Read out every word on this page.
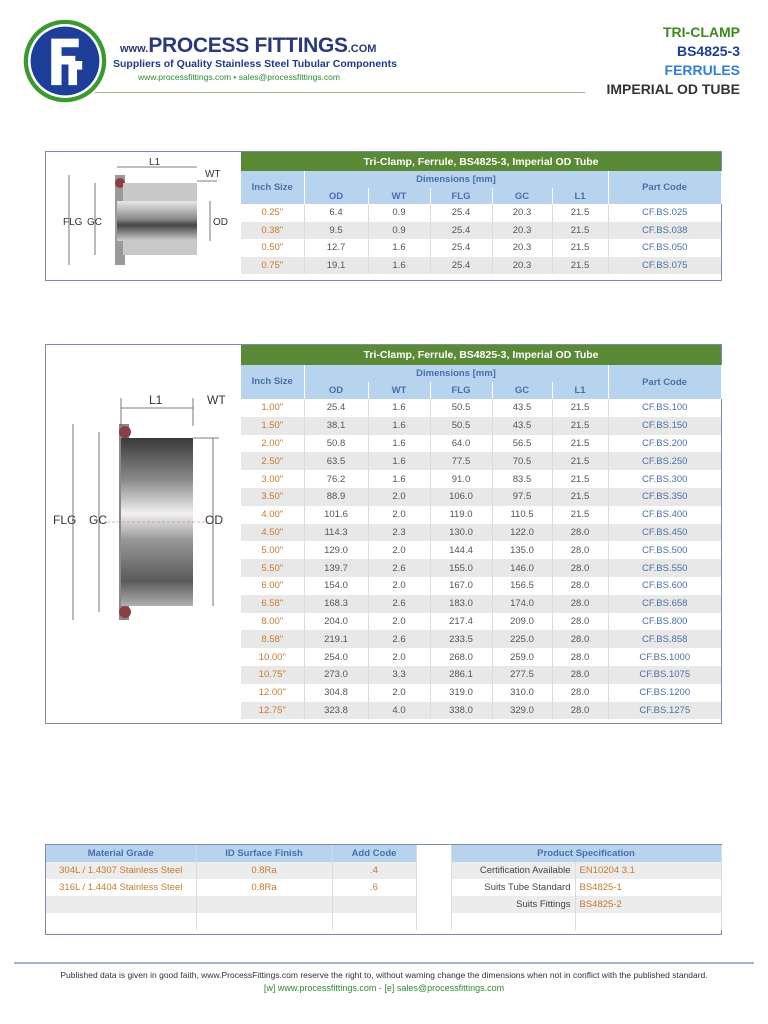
www.PROCESS FITTINGS.COM
Suppliers of Quality Stainless Steel Tubular Components
www.processfittings.com • sales@processfittings.com
TRI-CLAMP
BS4825-3
FERRULES
IMPERIAL OD TUBE
L1
WT
FLG GC	OD
Tri-Clamp, Ferrule, BS4825-3, Imperial OD Tube						
Inch Size	Dimensions [mm]					Part Code
	OD	WT	FLG	GC	L1	
0.25"	6.4	0.9	25.4	20.3	21.5	CF.BS.025
0.38"	9.5	0.9	25.4	20.3	21.5	CF.BS.038
0.50"	12.7	1.6	25.4	20.3	21.5	CF.BS.050
0.75"	19.1	1.6	25.4	20.3	21.5	CF.BS.075
L1	WT
FLG GC	OD
Tri-Clamp, Ferrule, BS4825-3, Imperial OD Tube						
Inch Size	Dimensions [mm]					Part Code
	OD	WT	FLG	GC	L1	
1.00"	25.4	1.6	50.5	43.5	21.5	CF.BS.100
1.50"	38.1	1.6	50.5	43.5	21.5	CF.BS.150
2.00"	50.8	1.6	64.0	56.5	21.5	CF.BS.200
2.50"	63.5	1.6	77.5	70.5	21.5	CF.BS.250
3.00"	76.2	1.6	91.0	83.5	21.5	CF.BS.300
3.50"	88.9	2.0	106.0	97.5	21.5	CF.BS.350
4.00"	101.6	2.0	119.0	110.5	21.5	CF.BS.400
4.50"	114.3	2.3	130.0	122.0	28.0	CF.BS.450
5.00"	129.0	2.0	144.4	135.0	28.0	CF.BS.500
5.50"	139.7	2.6	155.0	146.0	28.0	CF.BS.550
6.00"	154.0	2.0	167.0	156.5	28.0	CF.BS.600
6.58"	168.3	2.6	183.0	174.0	28.0	CF.BS.658
8.00"	204.0	2.0	217.4	209.0	28.0	CF.BS.800
8.58"	219.1	2.6	233.5	225.0	28.0	CF.BS.858
10.00"	254.0	2.0	268.0	259.0	28.0	CF.BS.1000
10.75"	273.0	3.3	286.1	277.5	28.0	CF.BS.1075
12.00"	304.8	2.0	319.0	310.0	28.0	CF.BS.1200
12.75"	323.8	4.0	338.0	329.0	28.0	CF.BS.1275
Material Grade	ID Surface Finish	Add Code		Product Specification	
304L / 1.4307 Stainless Steel	0.8Ra	.4		Certification Available	EN10204 3.1
316L / 1.4404 Stainless Steel	0.8Ra	.6		Suits Tube Standard	BS4825-1
				Suits Fittings	BS4825-2

Published data is given in good faith, www.ProcessFittings.com reserve the right to, without warning change the dimensions when not in conflict with the published standard.
[w] www.processfittings.com - [e] sales@processfittings.com
